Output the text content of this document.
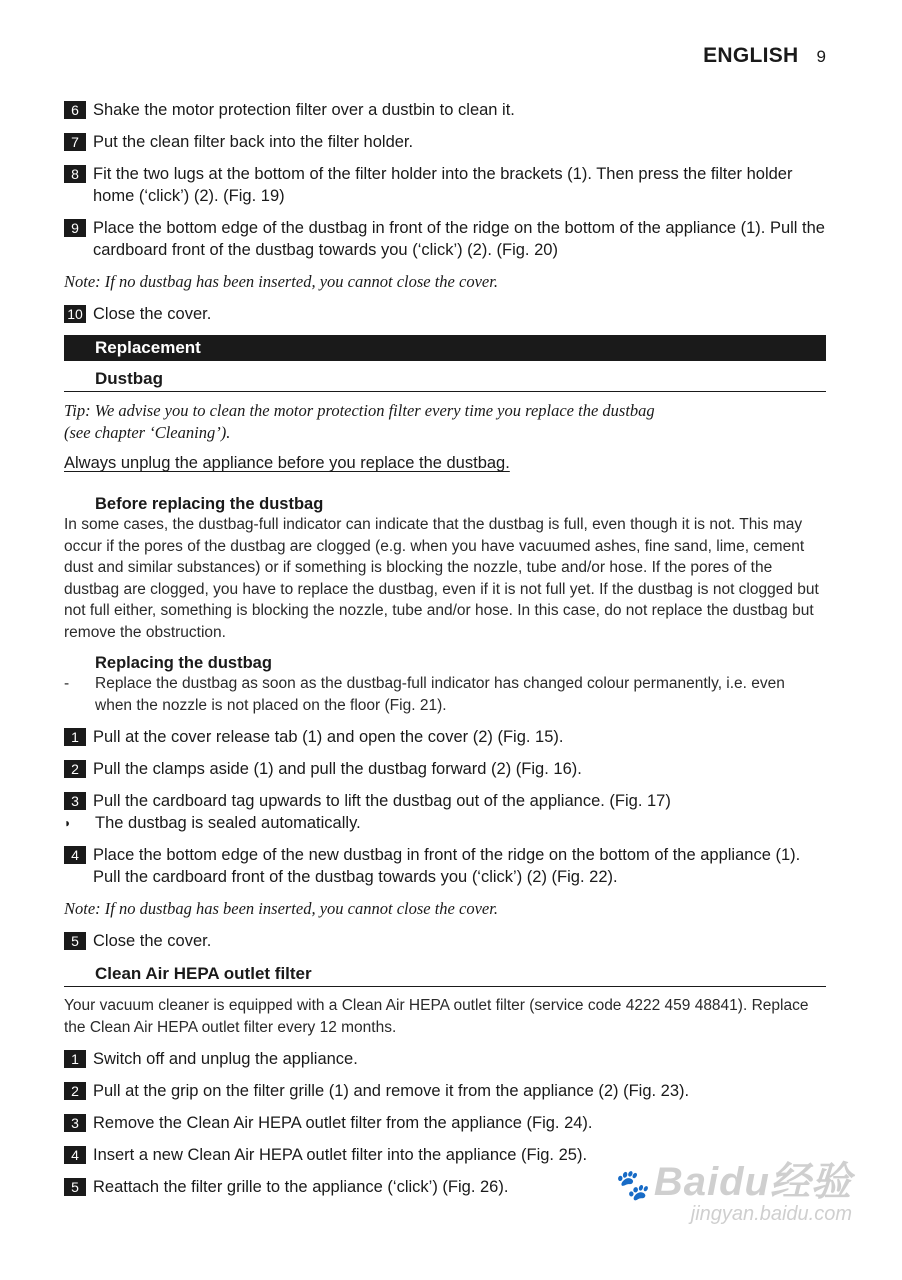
ENGLISH 9
6 Shake the motor protection filter over a dustbin to clean it.
7 Put the clean filter back into the filter holder.
8 Fit the two lugs at the bottom of the filter holder into the brackets (1). Then press the filter holder home (‘click’) (2). (Fig. 19)
9 Place the bottom edge of the dustbag in front of the ridge on the bottom of the appliance (1). Pull the cardboard front of the dustbag towards you (‘click’) (2). (Fig. 20)
Note: If no dustbag has been inserted, you cannot close the cover.
10 Close the cover.
Replacement
Dustbag
Tip: We advise you to clean the motor protection filter every time you replace the dustbag
(see chapter ‘Cleaning’).
Always unplug the appliance before you replace the dustbag.
Before replacing the dustbag
In some cases, the dustbag-full indicator can indicate that the dustbag is full, even though it is not. This may occur if the pores of the dustbag are clogged (e.g. when you have vacuumed ashes, fine sand, lime, cement dust and similar substances) or if something is blocking the nozzle, tube and/or hose. If the pores of the dustbag are clogged, you have to replace the dustbag, even if it is not full yet. If the dustbag is not clogged but not full either, something is blocking the nozzle, tube and/or hose. In this case, do not replace the dustbag but remove the obstruction.
Replacing the dustbag
-	Replace the dustbag as soon as the dustbag-full indicator has changed colour permanently, i.e. even when the nozzle is not placed on the floor (Fig. 21).
1 Pull at the cover release tab (1) and open the cover (2) (Fig. 15).
2 Pull the clamps aside (1) and pull the dustbag forward (2) (Fig. 16).
3 Pull the cardboard tag upwards to lift the dustbag out of the appliance. (Fig. 17)
◗	The dustbag is sealed automatically.
4 Place the bottom edge of the new dustbag in front of the ridge on the bottom of the appliance (1). Pull the cardboard front of the dustbag towards you (‘click’) (2) (Fig. 22).
Note: If no dustbag has been inserted, you cannot close the cover.
5 Close the cover.
Clean Air HEPA outlet filter
Your vacuum cleaner is equipped with a Clean Air HEPA outlet filter (service code 4222 459 48841). Replace the Clean Air HEPA outlet filter every 12 months.
1 Switch off and unplug the appliance.
2 Pull at the grip on the filter grille (1) and remove it from the appliance (2) (Fig. 23).
3 Remove the Clean Air HEPA outlet filter from the appliance (Fig. 24).
4 Insert a new Clean Air HEPA outlet filter into the appliance (Fig. 25).
5 Reattach the filter grille to the appliance (‘click’) (Fig. 26).	🐾 Baidu经验
jingyan.baidu.com
